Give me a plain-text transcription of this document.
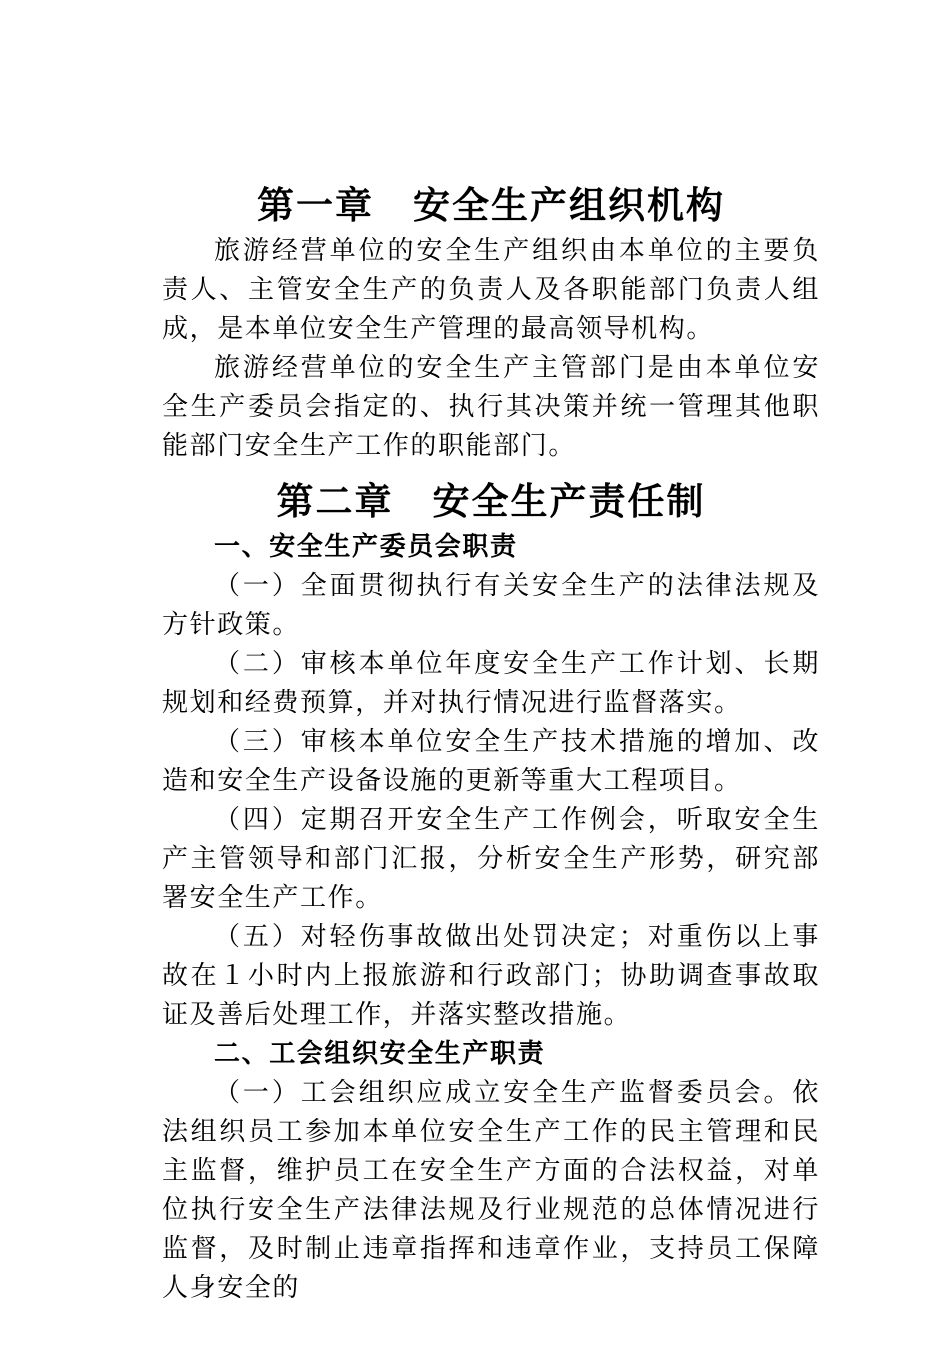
第一章　安全生产组织机构

旅游经营单位的安全生产组织由本单位的主要负责人、主管安全生产的负责人及各职能部门负责人组成，是本单位安全生产管理的最高领导机构。

旅游经营单位的安全生产主管部门是由本单位安全生产委员会指定的、执行其决策并统一管理其他职能部门安全生产工作的职能部门。

第二章　安全生产责任制

一、安全生产委员会职责

（一）全面贯彻执行有关安全生产的法律法规及方针政策。

（二）审核本单位年度安全生产工作计划、长期规划和经费预算，并对执行情况进行监督落实。

（三）审核本单位安全生产技术措施的增加、改造和安全生产设备设施的更新等重大工程项目。

（四）定期召开安全生产工作例会，听取安全生产主管领导和部门汇报，分析安全生产形势，研究部署安全生产工作。

（五）对轻伤事故做出处罚决定；对重伤以上事故在１小时内上报旅游和行政部门；协助调查事故取证及善后处理工作，并落实整改措施。

二、工会组织安全生产职责

（一）工会组织应成立安全生产监督委员会。依法组织员工参加本单位安全生产工作的民主管理和民主监督，维护员工在安全生产方面的合法权益，对单位执行安全生产法律法规及行业规范的总体情况进行监督，及时制止违章指挥和违章作业，支持员工保障人身安全的
